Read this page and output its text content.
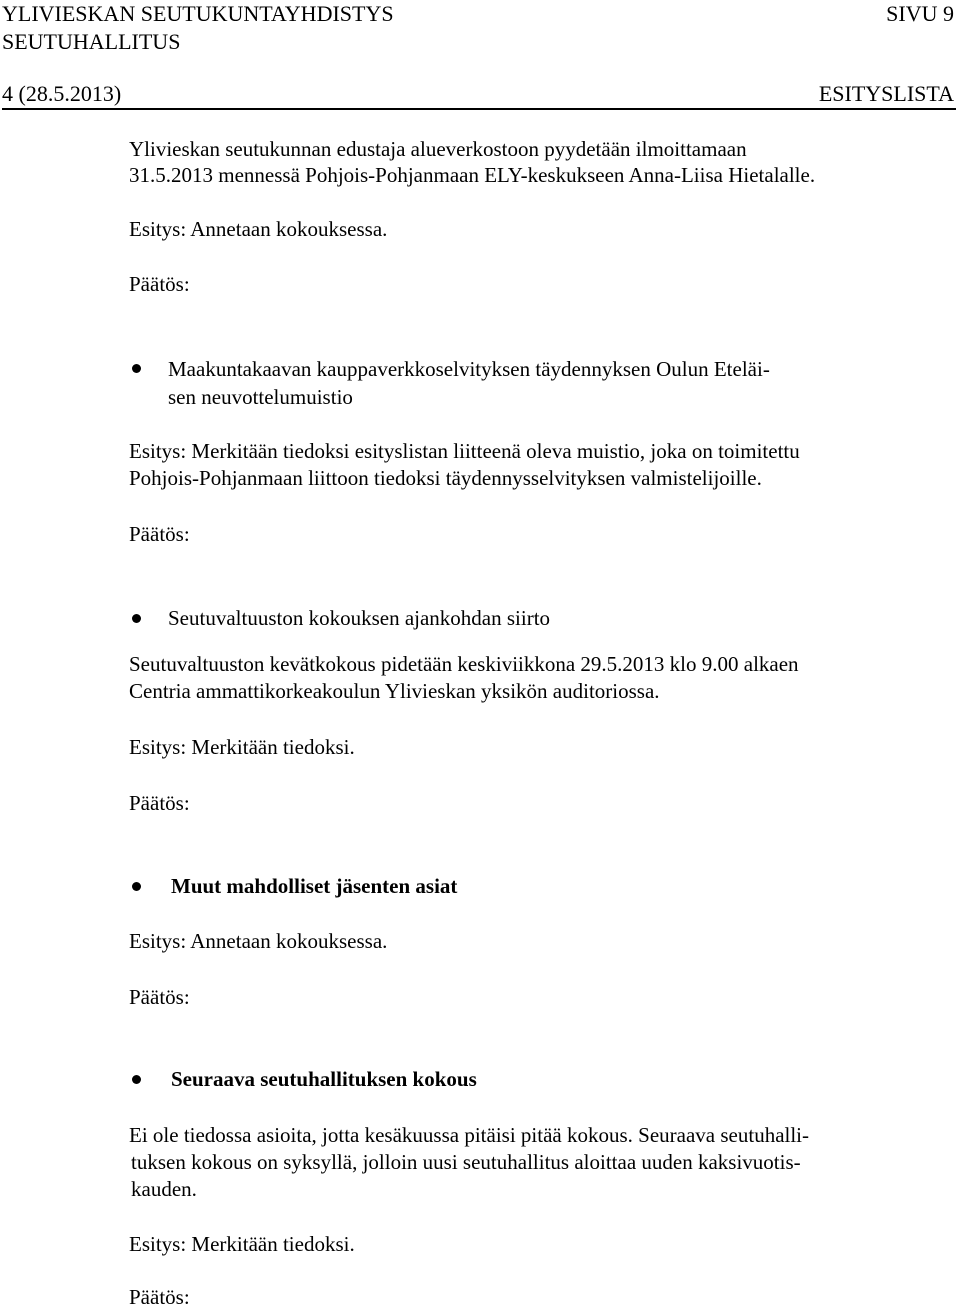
YLIVIESKAN SEUTUKUNTAYHDISTYS	SIVU 9
SEUTUHALLITUS
4 (28.5.2013)	ESITYSLISTA
Ylivieskan seutukunnan edustaja alueverkostoon pyydetään ilmoittamaan
31.5.2013 mennessä Pohjois-Pohjanmaan ELY-keskukseen Anna-Liisa Hietalalle.
Esitys: Annetaan kokouksessa.
Päätös:
Maakuntakaavan kauppaverkkoselvityksen täydennyksen Oulun Eteläi-
sen neuvottelumuistio
Esitys: Merkitään tiedoksi esityslistan liitteenä oleva muistio, joka on toimitettu
Pohjois-Pohjanmaan liittoon tiedoksi täydennysselvityksen valmistelijoille.
Päätös:
Seutuvaltuuston kokouksen ajankohdan siirto
Seutuvaltuuston kevätkokous pidetään keskiviikkona 29.5.2013 klo 9.00 alkaen
Centria ammattikorkeakoulun Ylivieskan yksikön auditoriossa.
Esitys: Merkitään tiedoksi.
Päätös:
Muut mahdolliset jäsenten asiat
Esitys: Annetaan kokouksessa.
Päätös:
Seuraava seutuhallituksen kokous
Ei ole tiedossa asioita, jotta kesäkuussa pitäisi pitää kokous. Seuraava seutuhalli-
tuksen kokous on syksyllä, jolloin uusi seutuhallitus aloittaa uuden kaksivuotis-
kauden.
Esitys: Merkitään tiedoksi.
Päätös:
